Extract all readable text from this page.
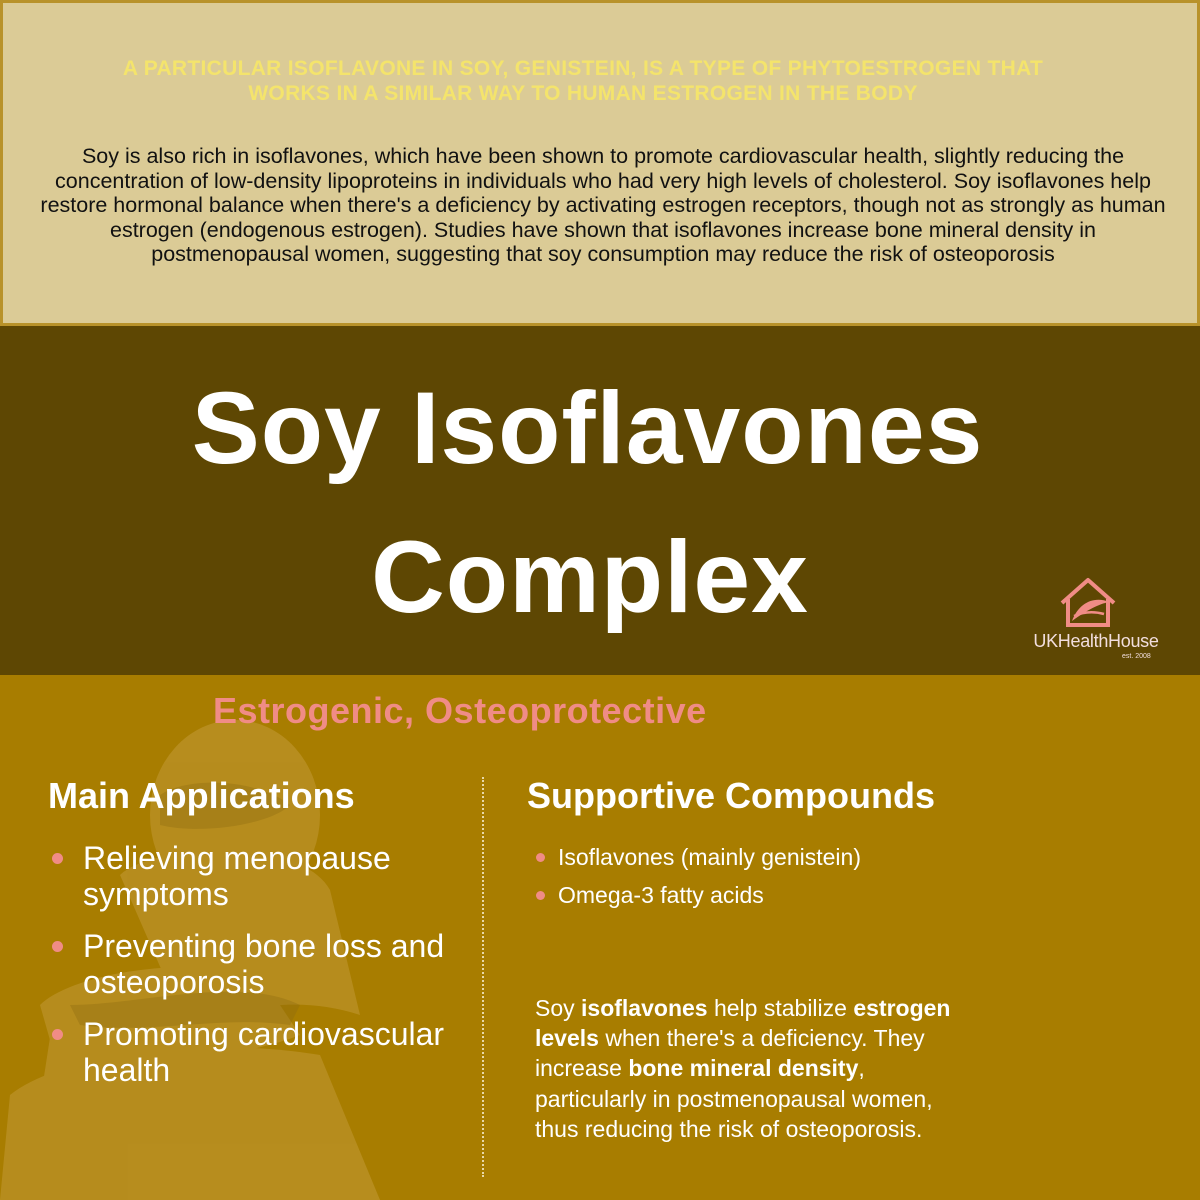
A PARTICULAR ISOFLAVONE IN SOY, GENISTEIN, IS A TYPE OF PHYTOESTROGEN THAT WORKS IN A SIMILAR WAY TO HUMAN ESTROGEN IN THE BODY
Soy is also rich in isoflavones, which have been shown to promote cardiovascular health, slightly reducing the concentration of low-density lipoproteins in individuals who had very high levels of cholesterol. Soy isoflavones help restore hormonal balance when there's a deficiency by activating estrogen receptors, though not as strongly as human estrogen (endogenous estrogen). Studies have shown that isoflavones increase bone mineral density in postmenopausal women, suggesting that soy consumption may reduce the risk of osteoporosis
Soy Isoflavones
Complex
UKHealthHouse
est. 2008
Estrogenic, Osteoprotective
Main Applications
Relieving menopause symptoms
Preventing bone loss and osteoporosis
Promoting cardiovascular health
Supportive Compounds
Isoflavones (mainly genistein)
Omega-3 fatty acids
Soy isoflavones help stabilize estrogen levels when there's a deficiency. They increase bone mineral density, particularly in postmenopausal women, thus reducing the risk of osteoporosis.
